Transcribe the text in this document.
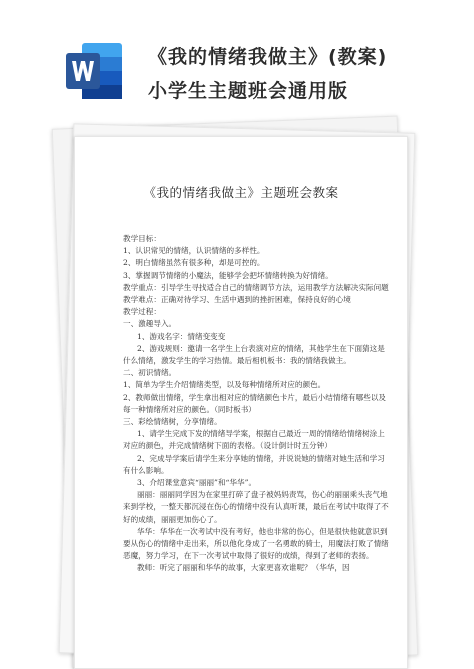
《我的情绪我做主》(教案)
小学生主题班会通用版
《我的情绪我做主》主题班会教案

教学目标：

1、认识常见的情绪，认识情绪的多样性。

2、明白情绪虽然有很多种，却是可控的。

3、掌握调节情绪的小魔法，能够学会把坏情绪转换为好情绪。

教学重点：引导学生寻找适合自己的情绪调节方法，运用教学方法解决实际问题

教学难点：正确对待学习、生活中遇到的挫折困难，保持良好的心境

教学过程：

一、激趣导入。

1、游戏名字：情绪变变变

2、游戏规则：邀请一名学生上台表演对应的情绪，其他学生在下面猜这是什么情绪，激发学生的学习热情。最后相机板书：我的情绪我做主。

二、初识情绪。

1、简单为学生介绍情绪类型，以及每种情绪所对应的颜色。

2、教师做出情绪，学生拿出相对应的情绪颜色卡片，最后小结情绪有哪些以及每一种情绪所对应的颜色。（同时板书）

三、彩绘情绪树，分享情绪。

1、请学生完成下发的情绪导学案，根据自己最近一周的情绪给情绪树涂上对应的颜色，并完成情绪树下面的表格。（设计倒计时五分钟）

2、完成导学案后请学生来分享她的情绪，并说说她的情绪对她生活和学习有什么影响。

3、介绍课堂意宾“丽丽”和“华华”。

丽丽：丽丽同学因为在家里打碎了盘子被妈妈责骂，伤心的丽丽乘头丧气地来到学校，一整天都沉浸在伤心的情绪中没有认真听课，最后在考试中取得了不好的成绩，丽丽更加伤心了。

华华：华华在一次考试中没有考好，他也非常的伤心，但是很快他就意识到要从伤心的情绪中走出来，所以他化身成了一名勇敢的骑士，用魔法打败了情绪恶魔，努力学习，在下一次考试中取得了很好的成绩，得到了老师的表扬。

教师：听完了丽丽和华华的故事，大家更喜欢谁呢？（华华，因
